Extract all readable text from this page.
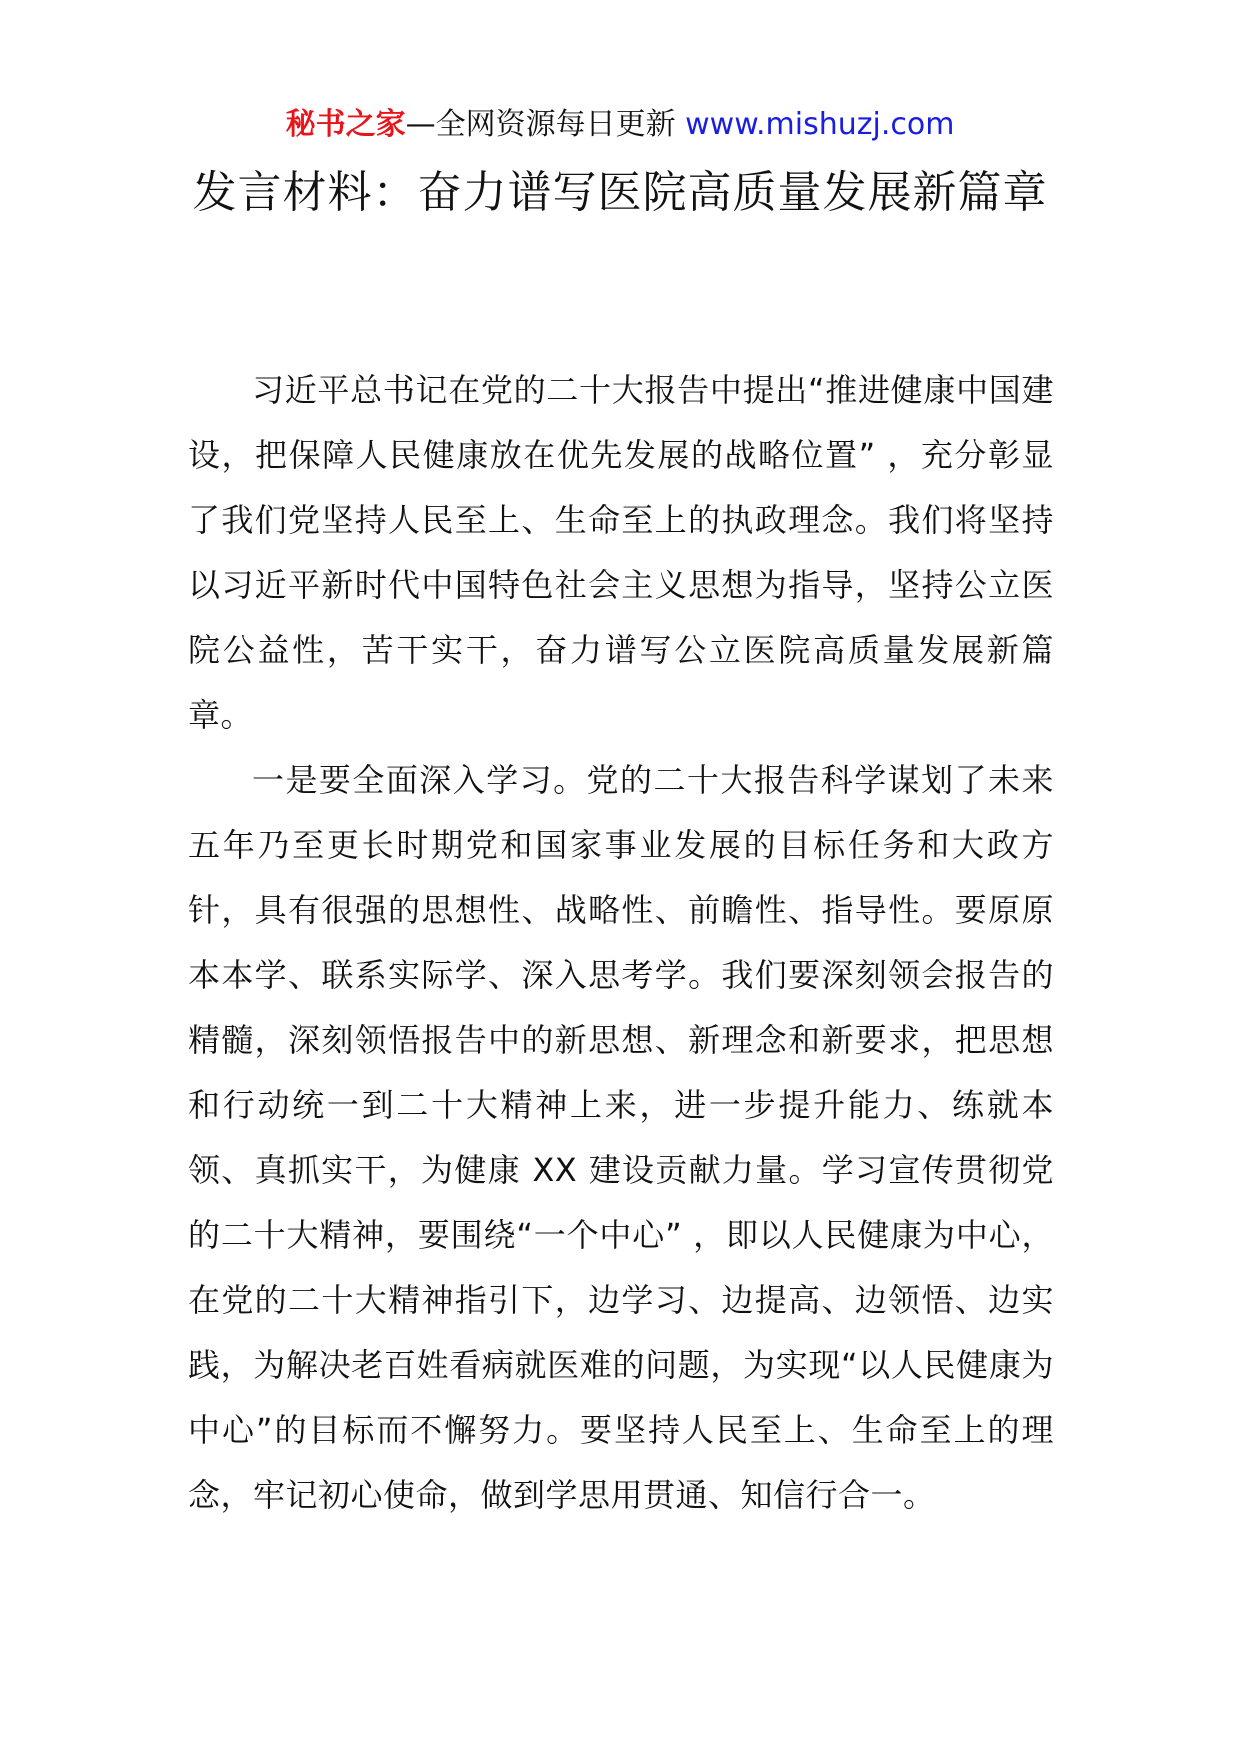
秘书之家—全网资源每日更新 www.mishuzj.com
发言材料：奋力谱写医院高质量发展新篇章

习近平总书记在党的二十大报告中提出“推进健康中国建设，把保障人民健康放在优先发展的战略位置” ，充分彰显了我们党坚持人民至上、生命至上的执政理念。我们将坚持以习近平新时代中国特色社会主义思想为指导，坚持公立医院公益性，苦干实干，奋力谱写公立医院高质量发展新篇章。

一是要全面深入学习。党的二十大报告科学谋划了未来五年乃至更长时期党和国家事业发展的目标任务和大政方针，具有很强的思想性、战略性、前瞻性、指导性。要原原本本学、联系实际学、深入思考学。我们要深刻领会报告的精髓，深刻领悟报告中的新思想、新理念和新要求，把思想和行动统一到二十大精神上来，进一步提升能力、练就本领、真抓实干，为健康 XX 建设贡献力量。学习宣传贯彻党的二十大精神，要围绕“一个中心” ，即以人民健康为中心，在党的二十大精神指引下，边学习、边提高、边领悟、边实践，为解决老百姓看病就医难的问题，为实现“以人民健康为中心”的目标而不懈努力。要坚持人民至上、生命至上的理念，牢记初心使命，做到学思用贯通、知信行合一。
